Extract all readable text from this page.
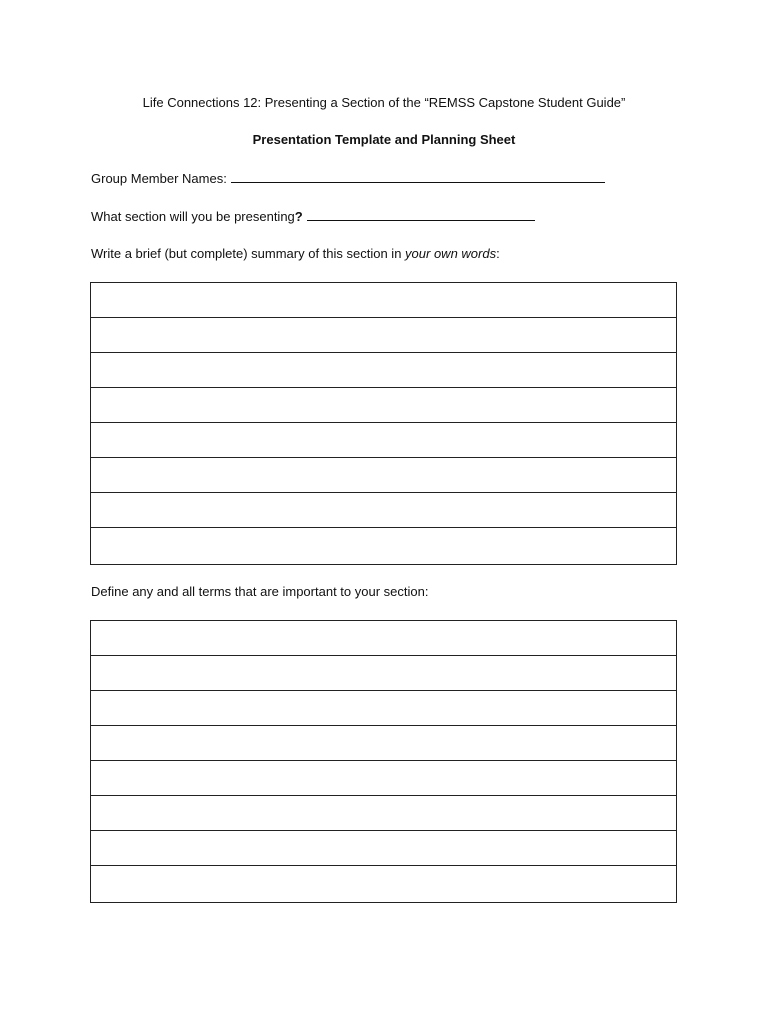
Life Connections 12: Presenting a Section of the “REMSS Capstone Student Guide”
Presentation Template and Planning Sheet
Group Member Names:
What section will you be presenting?
Write a brief (but complete) summary of this section in your own words:
Define any and all terms that are important to your section:
